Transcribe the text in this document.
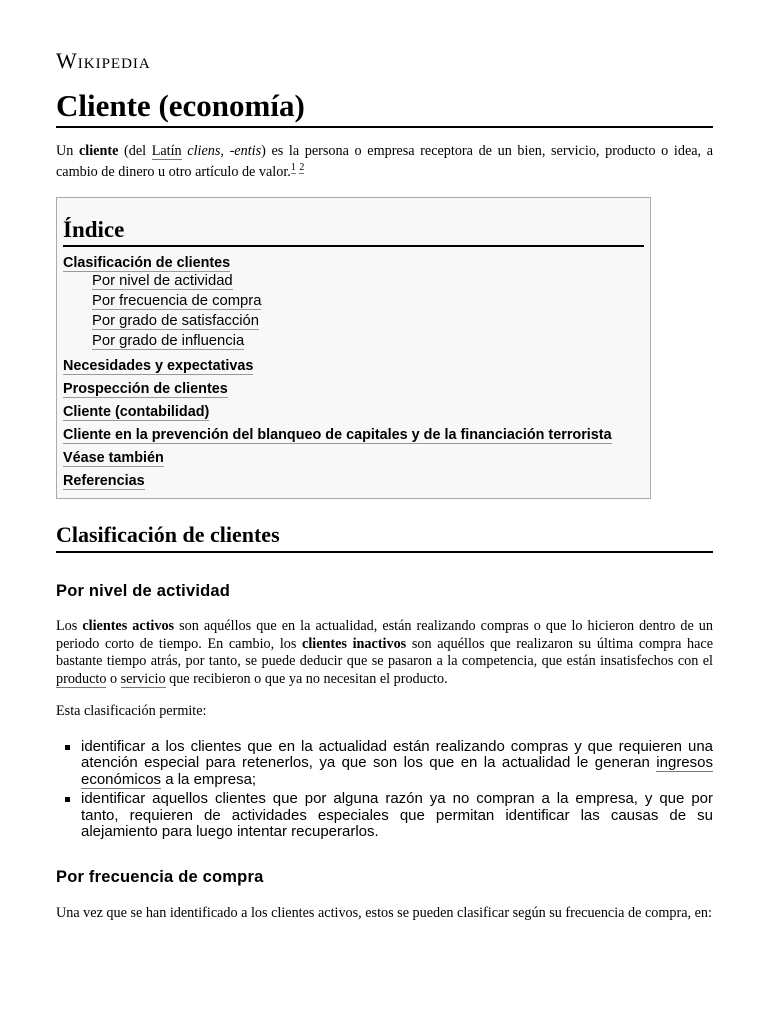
Wikipedia
Cliente (economía)

Un cliente (del Latín cliens, -entis) es la persona o empresa receptora de un bien, servicio, producto o idea, a cambio de dinero u otro artículo de valor.$^1$ $^2$

Índice
Clasificación de clientes
Por nivel de actividad
Por frecuencia de compra
Por grado de satisfacción
Por grado de influencia
Necesidades y expectativas
Prospección de clientes
Cliente (contabilidad)
Cliente en la prevención del blanqueo de capitales y de la financiación terrorista
Véase también
Referencias
Clasificación de clientes
Por nivel de actividad

Los clientes activos son aquéllos que en la actualidad, están realizando compras o que lo hicieron dentro de un periodo corto de tiempo. En cambio, los clientes inactivos son aquéllos que realizaron su última compra hace bastante tiempo atrás, por tanto, se puede deducir que se pasaron a la competencia, que están insatisfechos con el producto o servicio que recibieron o que ya no necesitan el producto.

Esta clasificación permite:

identificar a los clientes que en la actualidad están realizando compras y que requieren una atención especial para retenerlos, ya que son los que en la actualidad le generan ingresos económicos a la empresa;
identificar aquellos clientes que por alguna razón ya no compran a la empresa, y que por tanto, requieren de actividades especiales que permitan identificar las causas de su alejamiento para luego intentar recuperarlos.
Por frecuencia de compra

Una vez que se han identificado a los clientes activos, estos se pueden clasificar según su frecuencia de compra, en:
